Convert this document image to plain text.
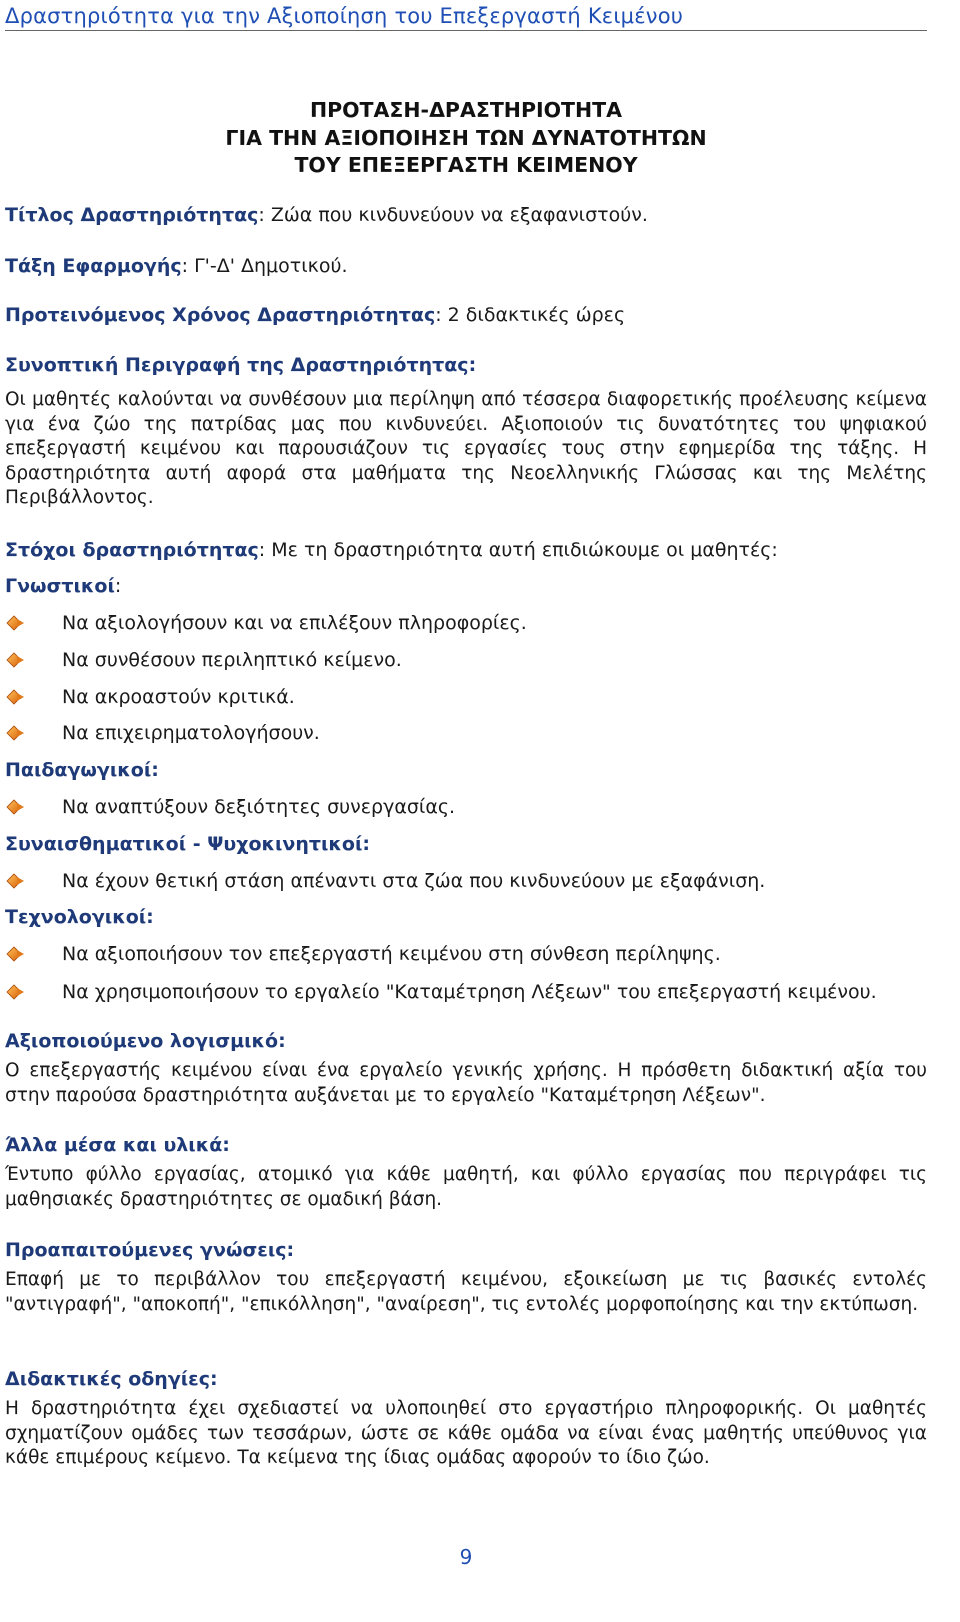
Δραστηριότητα για την Αξιοποίηση του Επεξεργαστή Κειμένου
ΠΡΟΤΑΣΗ-ΔΡΑΣΤΗΡΙΟΤΗΤΑ
ΓΙΑ ΤΗΝ ΑΞΙΟΠΟΙΗΣΗ ΤΩΝ ΔΥΝΑΤΟΤΗΤΩΝ
ΤΟΥ ΕΠΕΞΕΡΓΑΣΤΗ ΚΕΙΜΕΝΟΥ
Τίτλος Δραστηριότητας: Ζώα που κινδυνεύουν να εξαφανιστούν.
Τάξη Εφαρμογής: Γ'-Δ' Δημοτικού.
Προτεινόμενος Χρόνος Δραστηριότητας: 2 διδακτικές ώρες
Συνοπτική Περιγραφή της Δραστηριότητας:
Οι μαθητές καλούνται να συνθέσουν μια περίληψη από τέσσερα διαφορετικής προέλευσης κείμενα για ένα ζώο της πατρίδας μας που κινδυνεύει. Αξιοποιούν τις δυνατότητες του ψηφιακού επεξεργαστή κειμένου και παρουσιάζουν τις εργασίες τους στην εφημερίδα της τάξης. Η δραστηριότητα αυτή αφορά στα μαθήματα της Νεοελληνικής Γλώσσας και της Μελέτης Περιβάλλοντος.
Στόχοι δραστηριότητας: Με τη δραστηριότητα αυτή επιδιώκουμε οι μαθητές:
Γνωστικοί:
Να αξιολογήσουν και να επιλέξουν πληροφορίες.
Να συνθέσουν περιληπτικό κείμενο.
Να ακροαστούν κριτικά.
Να επιχειρηματολογήσουν.
Παιδαγωγικοί:
Να αναπτύξουν δεξιότητες συνεργασίας.
Συναισθηματικοί - Ψυχοκινητικοί:
Να έχουν θετική στάση απέναντι στα ζώα που κινδυνεύουν με εξαφάνιση.
Τεχνολογικοί:
Να αξιοποιήσουν τον επεξεργαστή κειμένου στη σύνθεση περίληψης.
Να χρησιμοποιήσουν το εργαλείο "Καταμέτρηση Λέξεων" του επεξεργαστή κειμένου.
Αξιοποιούμενο λογισμικό:
Ο επεξεργαστής κειμένου είναι ένα εργαλείο γενικής χρήσης. Η πρόσθετη διδακτική αξία του στην παρούσα δραστηριότητα αυξάνεται με το εργαλείο "Καταμέτρηση Λέξεων".
Άλλα μέσα και υλικά:
Έντυπο φύλλο εργασίας, ατομικό για κάθε μαθητή, και φύλλο εργασίας που περιγράφει τις μαθησιακές δραστηριότητες σε ομαδική βάση.
Προαπαιτούμενες γνώσεις:
Επαφή με το περιβάλλον του επεξεργαστή κειμένου, εξοικείωση με τις βασικές εντολές "αντιγραφή", "αποκοπή", "επικόλληση", "αναίρεση", τις εντολές μορφοποίησης και την εκτύπωση.
Διδακτικές οδηγίες:
Η δραστηριότητα έχει σχεδιαστεί να υλοποιηθεί στο εργαστήριο πληροφορικής. Οι μαθητές σχηματίζουν ομάδες των τεσσάρων, ώστε σε κάθε ομάδα να είναι ένας μαθητής υπεύθυνος για κάθε επιμέρους κείμενο. Τα κείμενα της ίδιας ομάδας αφορούν το ίδιο ζώο.
9
